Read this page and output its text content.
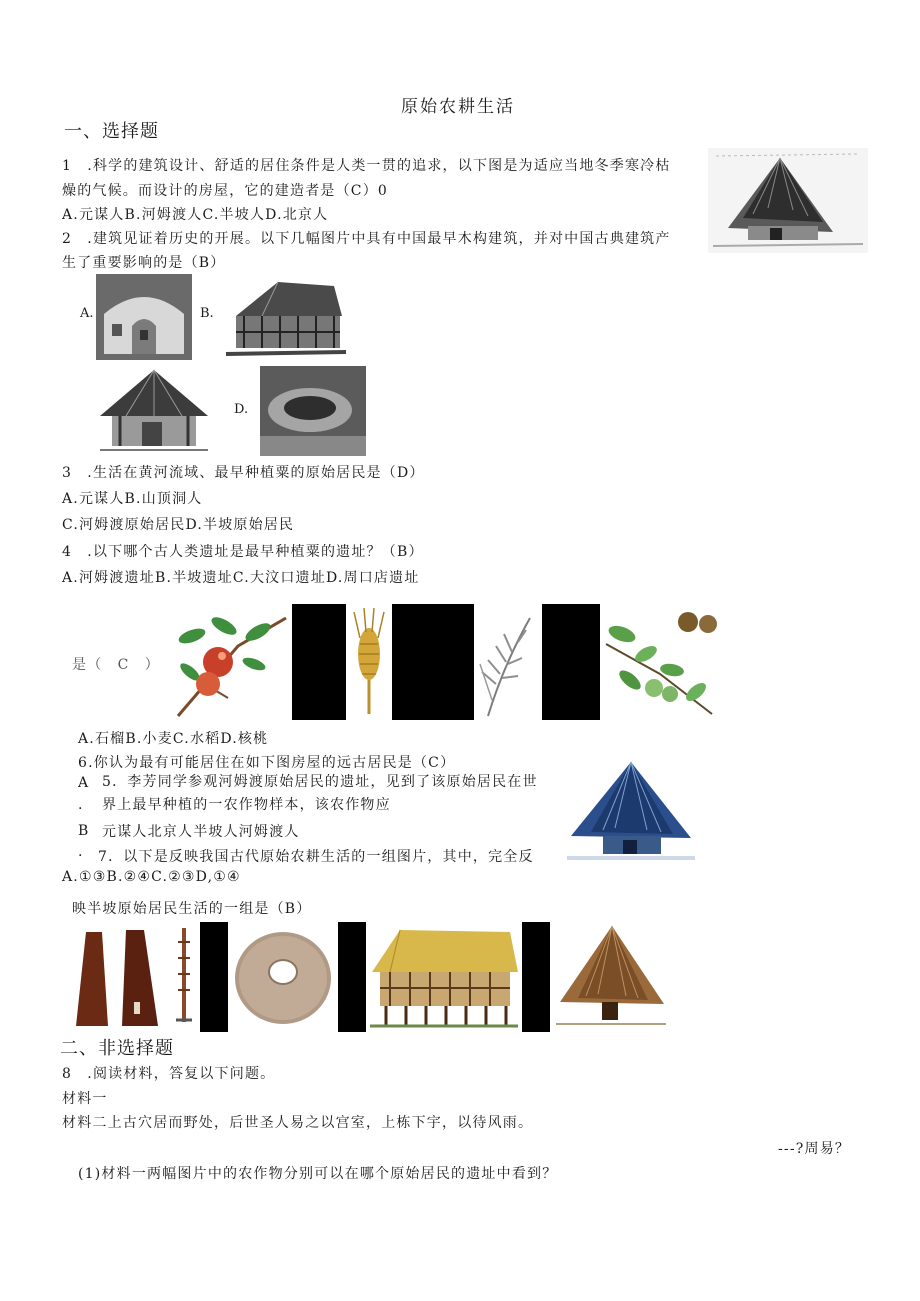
原始农耕生活
一、选择题
1　.科学的建筑设计、舒适的居住条件是人类一贯的追求，以下图是为适应当地冬季寒冷枯
燥的气候。而设计的房屋，它的建造者是（C）0
A.元谋人B.河姆渡人C.半坡人D.北京人
2　.建筑见证着历史的开展。以下几幅图片中具有中国最早木构建筑，并对中国古典建筑产
生了重要影响的是（B）
A.	B.
D.
3　.生活在黄河流域、最早种植粟的原始居民是（D）
A.元谋人B.山顶洞人
C.河姆渡原始居民D.半坡原始居民
4　.以下哪个古人类遗址是最早种植粟的遗址？（B）
A.河姆渡遗址B.半坡遗址C.大汶口遗址D.周口店遗址
是（　C　）
A.石榴B.小麦C.水稻D.核桃
6.你认为最有可能居住在如下图房屋的远古居民是（C）
A 5．李芳同学参观河姆渡原始居民的遗址，见到了该原始居民在世
. 界上最早种植的一农作物样本，该农作物应
B 元谋人北京人半坡人河姆渡人
. 7．以下是反映我国古代原始农耕生活的一组图片，其中，完全反
A.①③B.②④C.②③D,①④
映半坡原始居民生活的一组是（B）
二、非选择题
8　.阅读材料，答复以下问题。
材料一
材料二上古穴居而野处，后世圣人易之以宫室，上栋下宇，以待风雨。
---?周易？
(1)材料一两幅图片中的农作物分别可以在哪个原始居民的遗址中看到？
